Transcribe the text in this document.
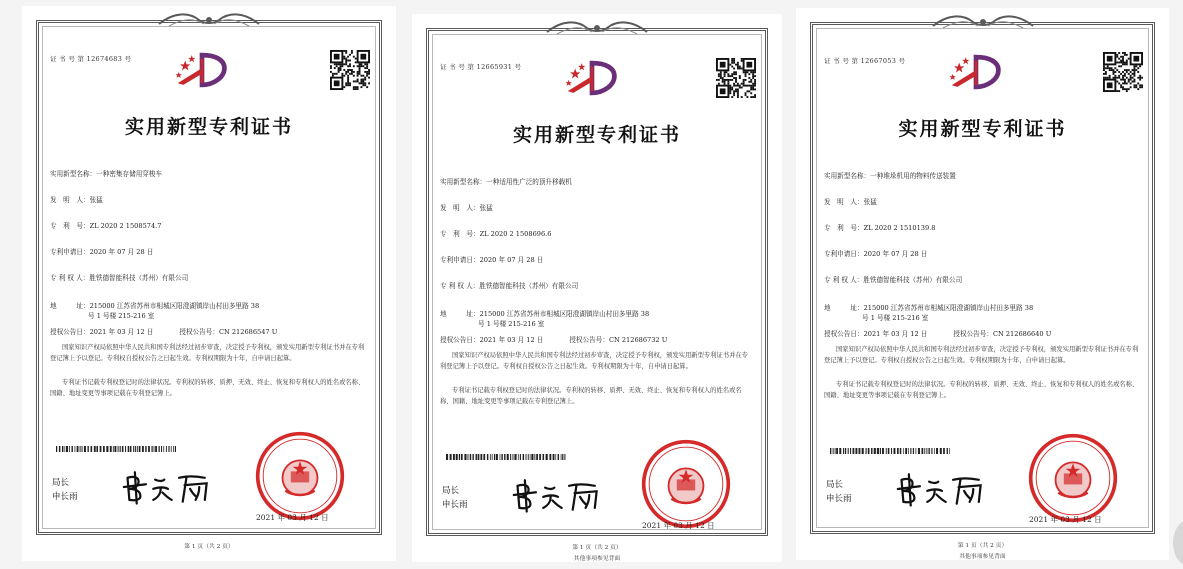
证 书 号 第 12674683 号
实用新型专利证书
实用新型名称：一种密集存储用穿梭车
发　明　人：张猛
专　利　号：ZL 2020 2 1508574.7
专利申请日：2020 年 07 月 28 日
专 利 权 人：胜铁德智能科技（苏州）有限公司
地　　　址：215000 江苏省苏州市相城区阳澄湖镇岸山村田多里路 38
号 1 号楼 215-216 室
授权公告日：2021 年 03 月 12 日	授权公告号：CN 212686547 U
国家知识产权局依照中华人民共和国专利法经过初步审查，决定授予专利权，颁发实用新型专利证书并在专利登记簿上予以登记。专利权自授权公告之日起生效。专利权期限为十年，自申请日起算。
专利证书记载专利权登记时的法律状况。专利权的转移、质押、无效、终止、恢复和专利权人的姓名或名称、国籍、地址变更等事项记载在专利登记簿上。
局长
申长雨
2021 年 03 月 12 日
第 1 页（共 2 页）
证 书 号 第 12665931 号
实用新型专利证书
实用新型名称：一种适用性广泛的顶升移载机
发　明　人：张猛
专　利　号：ZL 2020 2 1508696.6
专利申请日：2020 年 07 月 28 日
专 利 权 人：胜铁德智能科技（苏州）有限公司
地　　　址：215000 江苏省苏州市相城区阳澄湖镇岸山村田多里路 38
号 1 号楼 215-216 室
授权公告日：2021 年 03 月 12 日	授权公告号：CN 212686732 U
国家知识产权局依照中华人民共和国专利法经过初步审查，决定授予专利权，颁发实用新型专利证书并在专利登记簿上予以登记。专利权自授权公告之日起生效。专利权期限为十年，自申请日起算。
专利证书记载专利权登记时的法律状况。专利权的转移、质押、无效、终止、恢复和专利权人的姓名或名称、国籍、地址变更等事项记载在专利登记簿上。
局长
申长雨
2021 年 03 月 12 日
第 1 页（共 2 页）
其他事项参见背面
证 书 号 第 12667053 号
实用新型专利证书
实用新型名称：一种堆垛机用的物料传送装置
发　明　人：张猛
专　利　号：ZL 2020 2 1510139.8
专利申请日：2020 年 07 月 28 日
专 利 权 人：胜铁德智能科技（苏州）有限公司
地　　　址：215000 江苏省苏州市相城区阳澄湖镇岸山村田多里路 38
号 1 号楼 215-216 室
授权公告日：2021 年 03 月 12 日	授权公告号：CN 212686640 U
国家知识产权局依照中华人民共和国专利法经过初步审查，决定授予专利权，颁发实用新型专利证书并在专利登记簿上予以登记。专利权自授权公告之日起生效。专利权期限为十年，自申请日起算。
专利证书记载专利权登记时的法律状况。专利权的转移、质押、无效、终止、恢复和专利权人的姓名或名称、国籍、地址变更等事项记载在专利登记簿上。
局长
申长雨
2021 年 03 月 12 日
第 1 页（共 2 页）
其他事项参见背面
